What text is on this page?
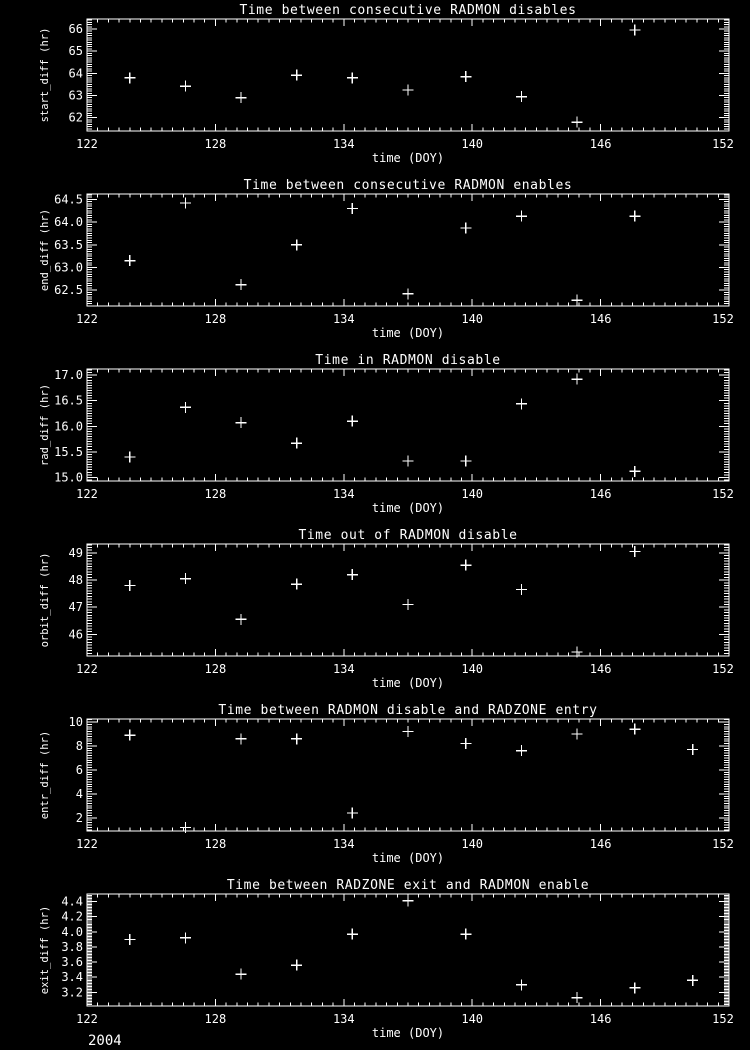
122	128	134	140	146	152
62
63
64
65
66
Time between consecutive RADMON disables
time (DOY)
start_diff (hr)
122	128	134	140	146	152
62.5
63.0
63.5
64.0
64.5
Time between consecutive RADMON enables
time (DOY)
end_diff (hr)
122	128	134	140	146	152
15.0
15.5
16.0
16.5
17.0
Time in RADMON disable
time (DOY)
rad_diff (hr)
122	128	134	140	146	152
46
47
48
49
Time out of RADMON disable
time (DOY)
orbit_diff (hr)
122	128	134	140	146	152
2
4
6
8
10
Time between RADMON disable and RADZONE entry
time (DOY)
entr_diff (hr)
122	128	134	140	146	152
3.2
3.4
3.6
3.8
4.0
4.2
4.4
Time between RADZONE exit and RADMON enable
time (DOY)
exit_diff (hr)
2004
